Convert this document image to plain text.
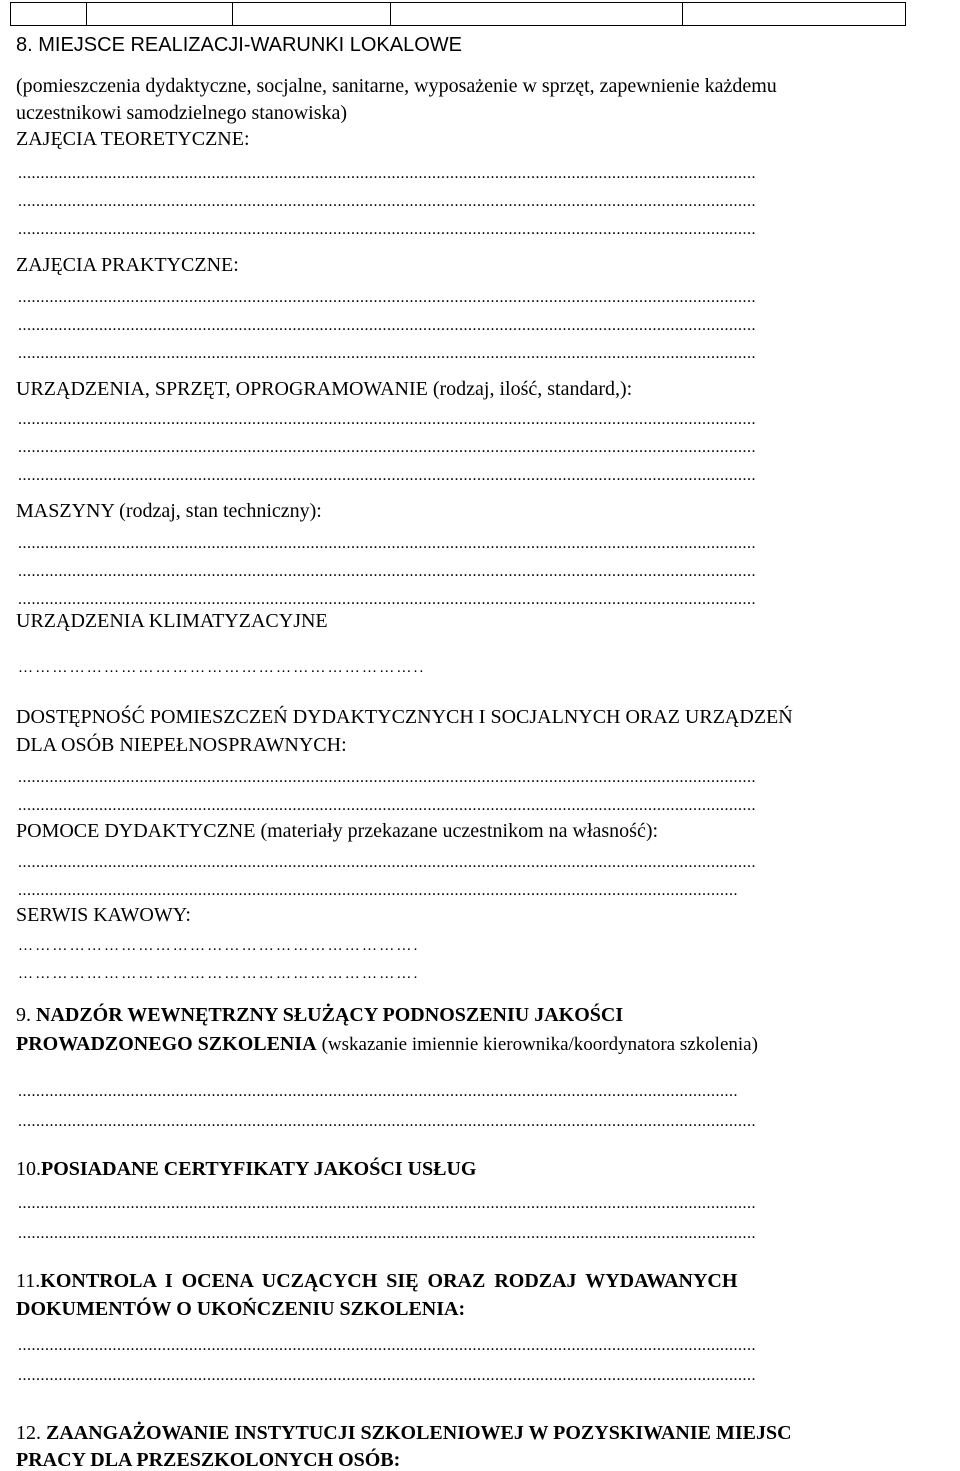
8. MIEJSCE REALIZACJI-WARUNKI LOKALOWE
(pomieszczenia dydaktyczne, socjalne, sanitarne, wyposażenie w sprzęt, zapewnienie każdemu
uczestnikowi samodzielnego stanowiska)
ZAJĘCIA TEORETYCZNE:
....................................................................................................................................................................
....................................................................................................................................................................
....................................................................................................................................................................
ZAJĘCIA PRAKTYCZNE:
....................................................................................................................................................................
....................................................................................................................................................................
....................................................................................................................................................................
URZĄDZENIA, SPRZĘT, OPROGRAMOWANIE (rodzaj, ilość, standard,):
....................................................................................................................................................................
....................................................................................................................................................................
....................................................................................................................................................................
MASZYNY (rodzaj, stan techniczny):
....................................................................................................................................................................
....................................................................................................................................................................
....................................................................................................................................................................
URZĄDZENIA KLIMATYZACYJNE
……………………………………………………………..
DOSTĘPNOŚĆ POMIESZCZEŃ DYDAKTYCZNYCH I SOCJALNYCH ORAZ URZĄDZEŃ
DLA OSÓB NIEPEŁNOSPRAWNYCH:
....................................................................................................................................................................
....................................................................................................................................................................
POMOCE DYDAKTYCZNE (materiały przekazane uczestnikom na własność):
....................................................................................................................................................................
................................................................................................................................................................
SERWIS KAWOWY:
…………………………………………………………….
…………………………………………………………….
9. NADZÓR WEWNĘTRZNY SŁUŻĄCY PODNOSZENIU JAKOŚCI
PROWADZONEGO SZKOLENIA (wskazanie imiennie kierownika/koordynatora szkolenia)
................................................................................................................................................................
....................................................................................................................................................................
10.POSIADANE CERTYFIKATY JAKOŚCI USŁUG
....................................................................................................................................................................
....................................................................................................................................................................
11.KONTROLA I OCENA UCZĄCYCH SIĘ ORAZ RODZAJ WYDAWANYCH
DOKUMENTÓW O UKOŃCZENIU SZKOLENIA:
....................................................................................................................................................................
....................................................................................................................................................................
12. ZAANGAŻOWANIE INSTYTUCJI SZKOLENIOWEJ W POZYSKIWANIE MIEJSC
PRACY DLA PRZESZKOLONYCH OSÓB:
